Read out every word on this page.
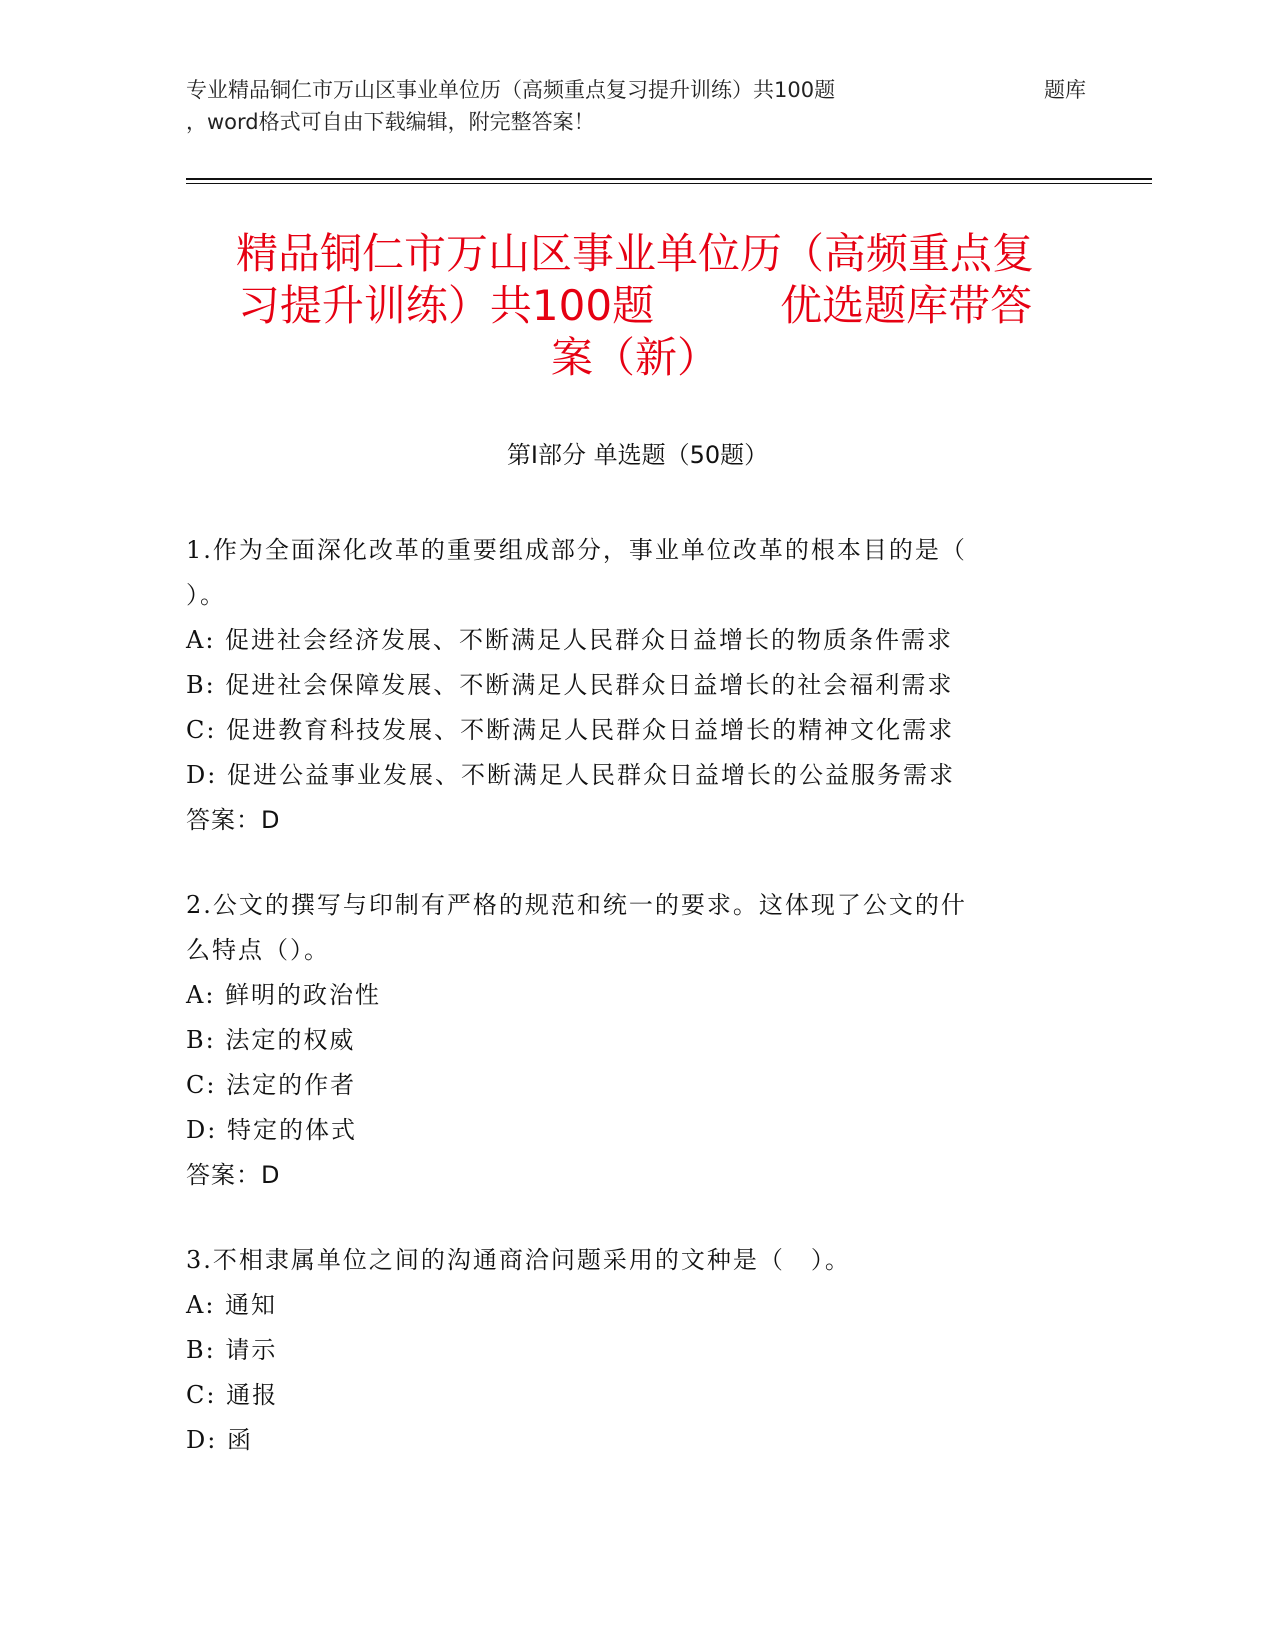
专业精品铜仁市万山区事业单位历（高频重点复习提升训练）共100题	题库
，word格式可自由下载编辑，附完整答案！
精品铜仁市万山区事业单位历（高频重点复
习提升训练）共100题　　　优选题库带答
案（新）
第Ⅰ部分 单选题（50题）
1.作为全面深化改革的重要组成部分，事业单位改革的根本目的是（
）。
A: 促进社会经济发展、不断满足人民群众日益增长的物质条件需求
B: 促进社会保障发展、不断满足人民群众日益增长的社会福利需求
C: 促进教育科技发展、不断满足人民群众日益增长的精神文化需求
D: 促进公益事业发展、不断满足人民群众日益增长的公益服务需求
答案：D
2.公文的撰写与印制有严格的规范和统一的要求。这体现了公文的什
么特点（）。
A: 鲜明的政治性
B: 法定的权威
C: 法定的作者
D: 特定的体式
答案：D
3.不相隶属单位之间的沟通商洽问题采用的文种是（　）。
A: 通知
B: 请示
C: 通报
D: 函
